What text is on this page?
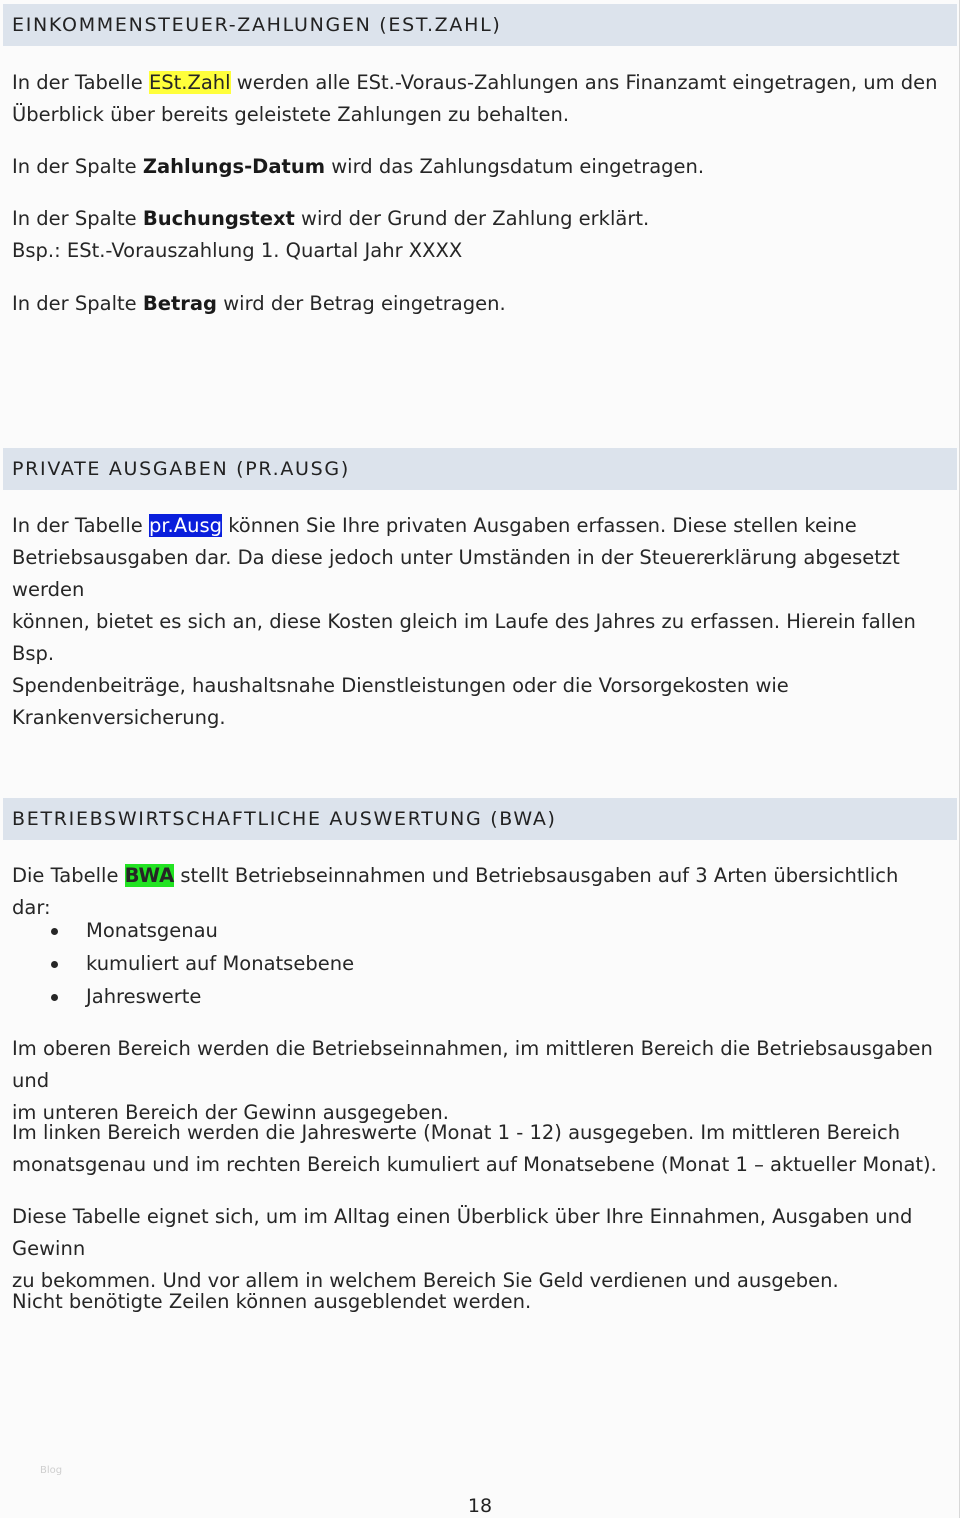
EINKOMMENSTEUER-ZAHLUNGEN (EST.ZAHL)

In der Tabelle ESt.Zahl werden alle ESt.-Voraus-Zahlungen ans Finanzamt eingetragen, um den
Überblick über bereits geleistete Zahlungen zu behalten.

In der Spalte Zahlungs-Datum wird das Zahlungsdatum eingetragen.

In der Spalte Buchungstext wird der Grund der Zahlung erklärt.
Bsp.: ESt.-Vorauszahlung 1. Quartal Jahr XXXX

In der Spalte Betrag wird der Betrag eingetragen.

PRIVATE AUSGABEN (PR.AUSG)

In der Tabelle pr.Ausg können Sie Ihre privaten Ausgaben erfassen. Diese stellen keine
Betriebsausgaben dar. Da diese jedoch unter Umständen in der Steuererklärung abgesetzt werden
können, bietet es sich an, diese Kosten gleich im Laufe des Jahres zu erfassen. Hierein fallen Bsp.
Spendenbeiträge, haushaltsnahe Dienstleistungen oder die Vorsorgekosten wie
Krankenversicherung.

BETRIEBSWIRTSCHAFTLICHE AUSWERTUNG (BWA)

Die Tabelle BWA stellt Betriebseinnahmen und Betriebsausgaben auf 3 Arten übersichtlich dar:

Monatsgenau
kumuliert auf Monatsebene
Jahreswerte

Im oberen Bereich werden die Betriebseinnahmen, im mittleren Bereich die Betriebsausgaben und
im unteren Bereich der Gewinn ausgegeben.

Im linken Bereich werden die Jahreswerte (Monat 1 - 12) ausgegeben. Im mittleren Bereich
monatsgenau und im rechten Bereich kumuliert auf Monatsebene (Monat 1 – aktueller Monat).

Diese Tabelle eignet sich, um im Alltag einen Überblick über Ihre Einnahmen, Ausgaben und Gewinn
zu bekommen. Und vor allem in welchem Bereich Sie Geld verdienen und ausgeben.

Nicht benötigte Zeilen können ausgeblendet werden.

Blog
18
